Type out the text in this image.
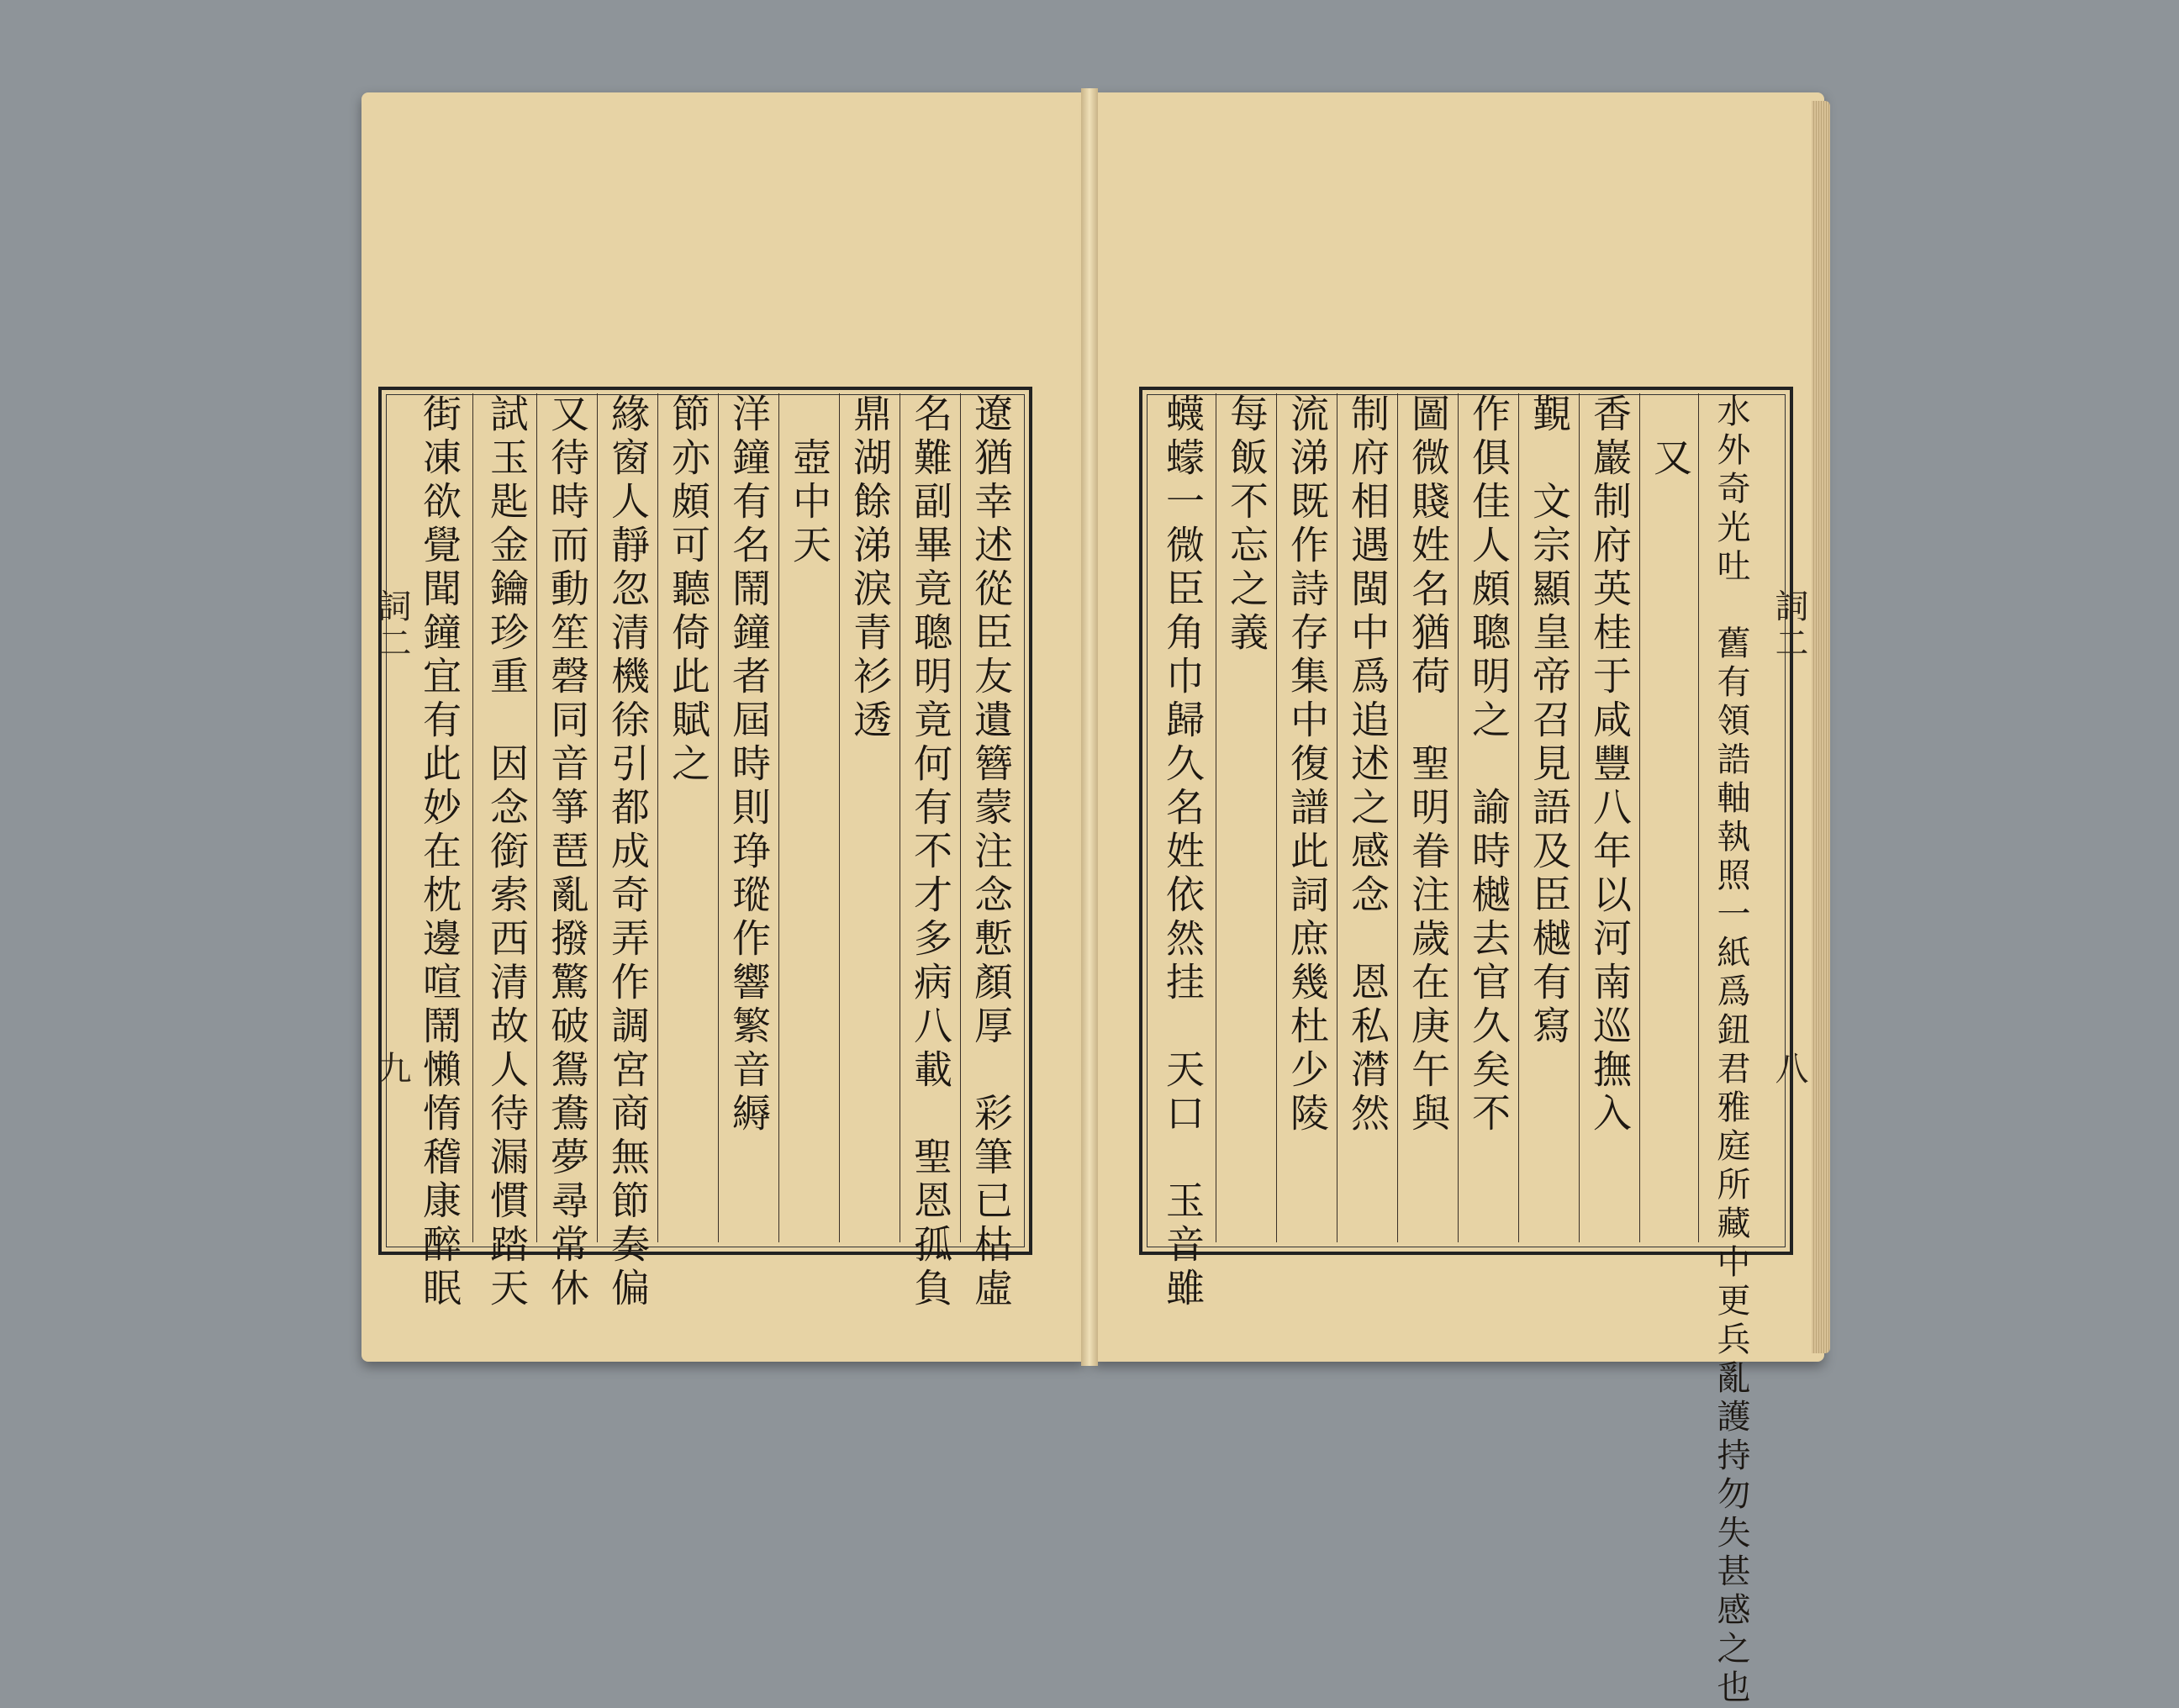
詞二
九
詞二
八
遼猶幸述從臣友遺簪蒙注念慙顏厚　彩筆已枯虛
名難副畢竟聰明竟何有不才多病八載　聖恩孤負
鼎湖餘涕淚青衫透
　壺中天
洋鐘有名鬧鐘者屆時則琤瑽作響繁音縟
節亦頗可聽倚此賦之
緣窗人靜忽清機徐引都成奇弄作調宮商無節奏偏
又待時而動笙磬同音箏琶亂撥驚破鴛鴦夢尋常休
試玉匙金鑰珍重　因念銜索西清故人待漏慣踏天
街凍欲覺聞鐘宜有此妙在枕邊喧鬧懶惰稽康醉眠	水外奇光吐　舊有領誥軸執照一紙爲鈕君雅庭所藏中更兵亂護持勿失甚感之也
　又
香巖制府英桂于咸豐八年以河南巡撫入
覲　文宗顯皇帝召見語及臣樾有寫
作俱佳人頗聰明之　諭時樾去官久矣不
圖微賤姓名猶荷　聖明眷注歲在庚午與
制府相遇閩中爲追述之感念　恩私潸然
流涕既作詩存集中復譜此詞庶幾杜少陵
每飯不忘之義
蠛蠓一微臣角巾歸久名姓依然挂　天口　玉音雖
